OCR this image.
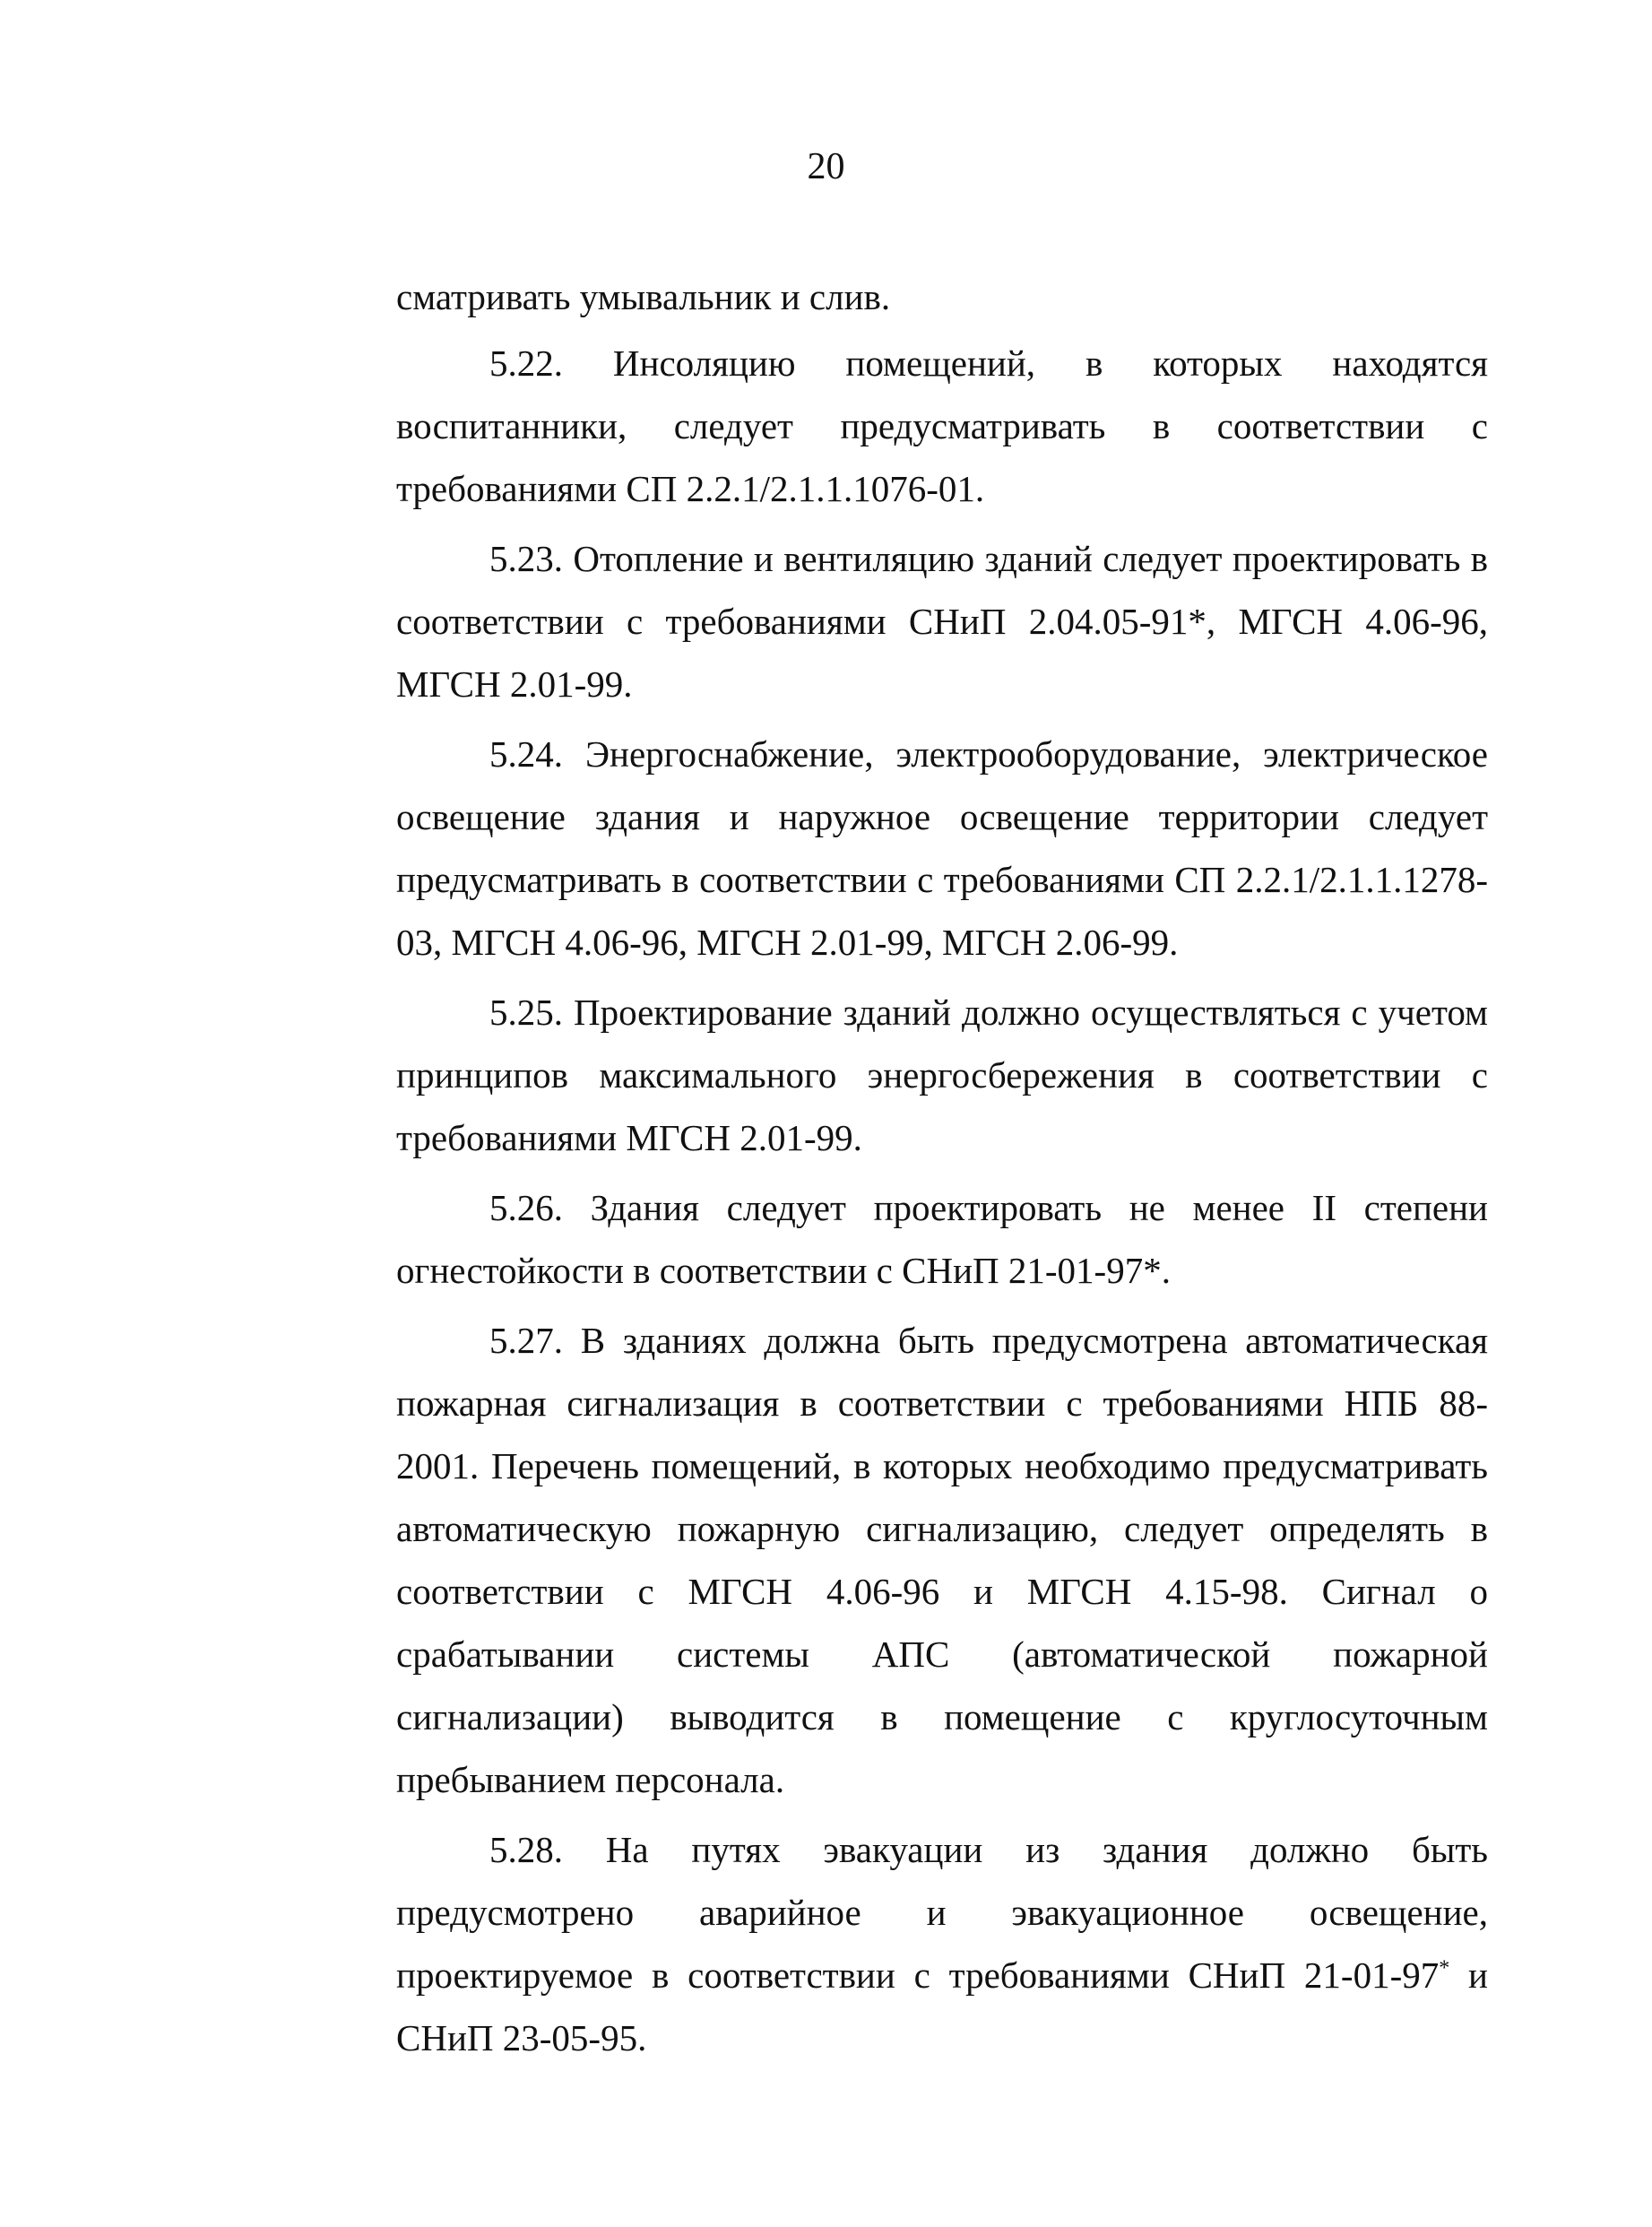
20

сматривать умывальник и слив.

5.22. Инсоляцию помещений, в которых находятся воспитанники, следует предусматривать в соответствии с требованиями СП 2.2.1/2.1.1.1076-01.

5.23. Отопление и вентиляцию зданий следует проектировать в соответствии с требованиями СНиП 2.04.05-91*, МГСН 4.06-96, МГСН 2.01-99.

5.24. Энергоснабжение, электрооборудование, электрическое освещение здания и наружное освещение территории следует предусматривать в соответствии с требованиями СП 2.2.1/2.1.1.1278-03, МГСН 4.06-96, МГСН 2.01-99, МГСН 2.06-99.

5.25. Проектирование зданий должно осуществляться с учетом принципов максимального энергосбережения в соответствии с требованиями МГСН 2.01-99.

5.26. Здания следует проектировать не менее II степени огнестойкости в соответствии с СНиП 21-01-97*.

5.27. В зданиях должна быть предусмотрена автоматическая пожарная сигнализация в соответствии с требованиями НПБ 88-2001. Перечень помещений, в которых необходимо предусматривать автоматическую пожарную сигнализацию, следует определять в соответствии с МГСН 4.06-96 и МГСН 4.15-98. Сигнал о срабатывании системы АПС (автоматической пожарной сигнализации) выводится в помещение с круглосуточным пребыванием персонала.

5.28. На путях эвакуации из здания должно быть предусмотрено аварийное и эвакуационное освещение, проектируемое в соответствии с требованиями СНиП 21-01-97* и СНиП 23-05-95.
